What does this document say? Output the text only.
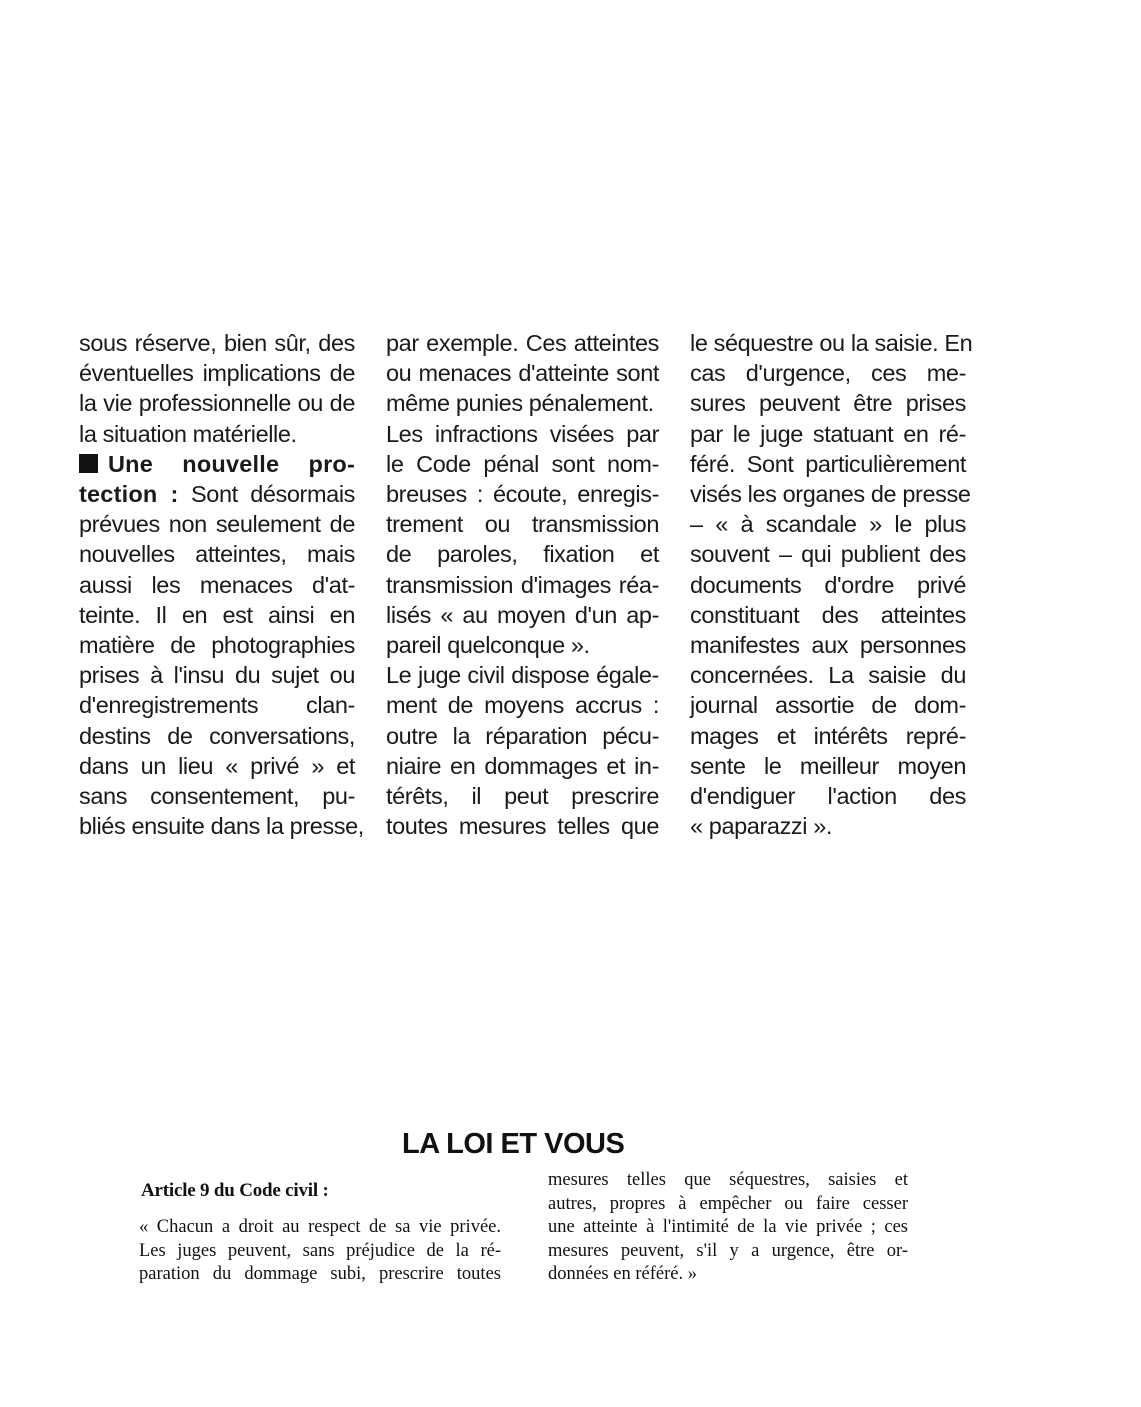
sous réserve, bien sûr, des
éventuelles implications de
la vie professionnelle ou de
la situation matérielle.
Une nouvelle pro-
tection : Sont désormais
prévues non seulement de
nouvelles atteintes, mais
aussi les menaces d'at-
teinte. Il en est ainsi en
matière de photographies
prises à l'insu du sujet ou
d'enregistrements clan-
destins de conversations,
dans un lieu « privé » et
sans consentement, pu-
bliés ensuite dans la presse,
par exemple. Ces atteintes
ou menaces d'atteinte sont
même punies pénalement.
Les infractions visées par
le Code pénal sont nom-
breuses : écoute, enregis-
trement ou transmission
de paroles, fixation et
transmission d'images réa-
lisés « au moyen d'un ap-
pareil quelconque ».
Le juge civil dispose égale-
ment de moyens accrus :
outre la réparation pécu-
niaire en dommages et in-
térêts, il peut prescrire
toutes mesures telles que
le séquestre ou la saisie. En
cas d'urgence, ces me-
sures peuvent être prises
par le juge statuant en ré-
féré. Sont particulièrement
visés les organes de presse
– « à scandale » le plus
souvent – qui publient des
documents d'ordre privé
constituant des atteintes
manifestes aux personnes
concernées. La saisie du
journal assortie de dom-
mages et intérêts repré-
sente le meilleur moyen
d'endiguer l'action des
« paparazzi ».
LA LOI ET VOUS
Article 9 du Code civil :
« Chacun a droit au respect de sa vie privée.
Les juges peuvent, sans préjudice de la ré-
paration du dommage subi, prescrire toutes
mesures telles que séquestres, saisies et
autres, propres à empêcher ou faire cesser
une atteinte à l'intimité de la vie privée ; ces
mesures peuvent, s'il y a urgence, être or-
données en référé. »
